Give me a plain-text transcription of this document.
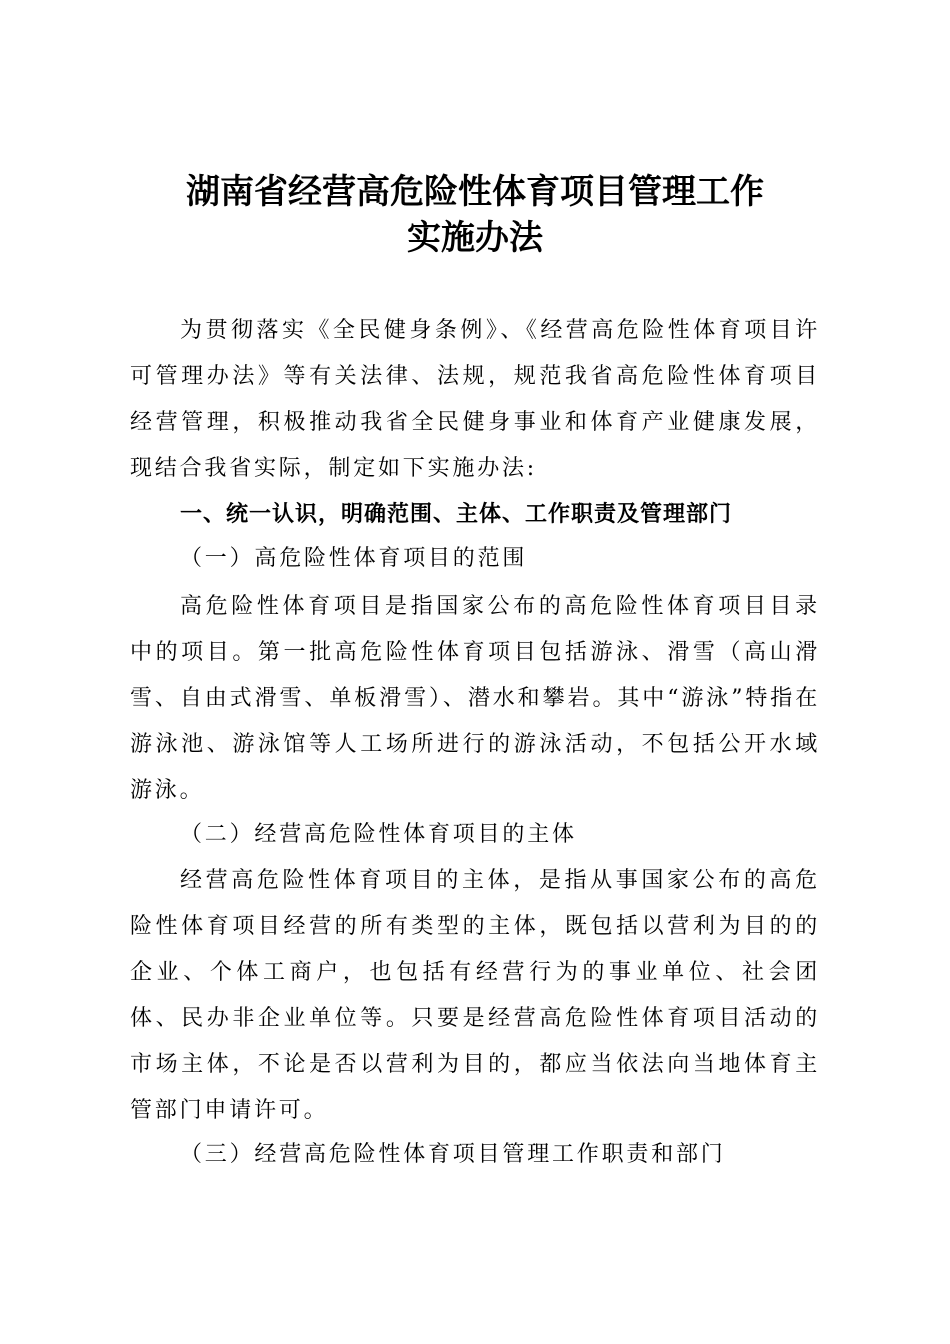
湖南省经营高危险性体育项目管理工作
实施办法
为贯彻落实《全民健身条例》、《经营高危险性体育项目许可管理办法》等有关法律、法规，规范我省高危险性体育项目经营管理，积极推动我省全民健身事业和体育产业健康发展，现结合我省实际，制定如下实施办法:
一、统一认识，明确范围、主体、工作职责及管理部门
（一）高危险性体育项目的范围
高危险性体育项目是指国家公布的高危险性体育项目目录中的项目。第一批高危险性体育项目包括游泳、滑雪（高山滑雪、自由式滑雪、单板滑雪）、潜水和攀岩。其中“游泳”特指在游泳池、游泳馆等人工场所进行的游泳活动，不包括公开水域游泳。
（二）经营高危险性体育项目的主体
经营高危险性体育项目的主体，是指从事国家公布的高危险性体育项目经营的所有类型的主体，既包括以营利为目的的企业、个体工商户，也包括有经营行为的事业单位、社会团体、民办非企业单位等。只要是经营高危险性体育项目活动的市场主体，不论是否以营利为目的，都应当依法向当地体育主管部门申请许可。
（三）经营高危险性体育项目管理工作职责和部门
